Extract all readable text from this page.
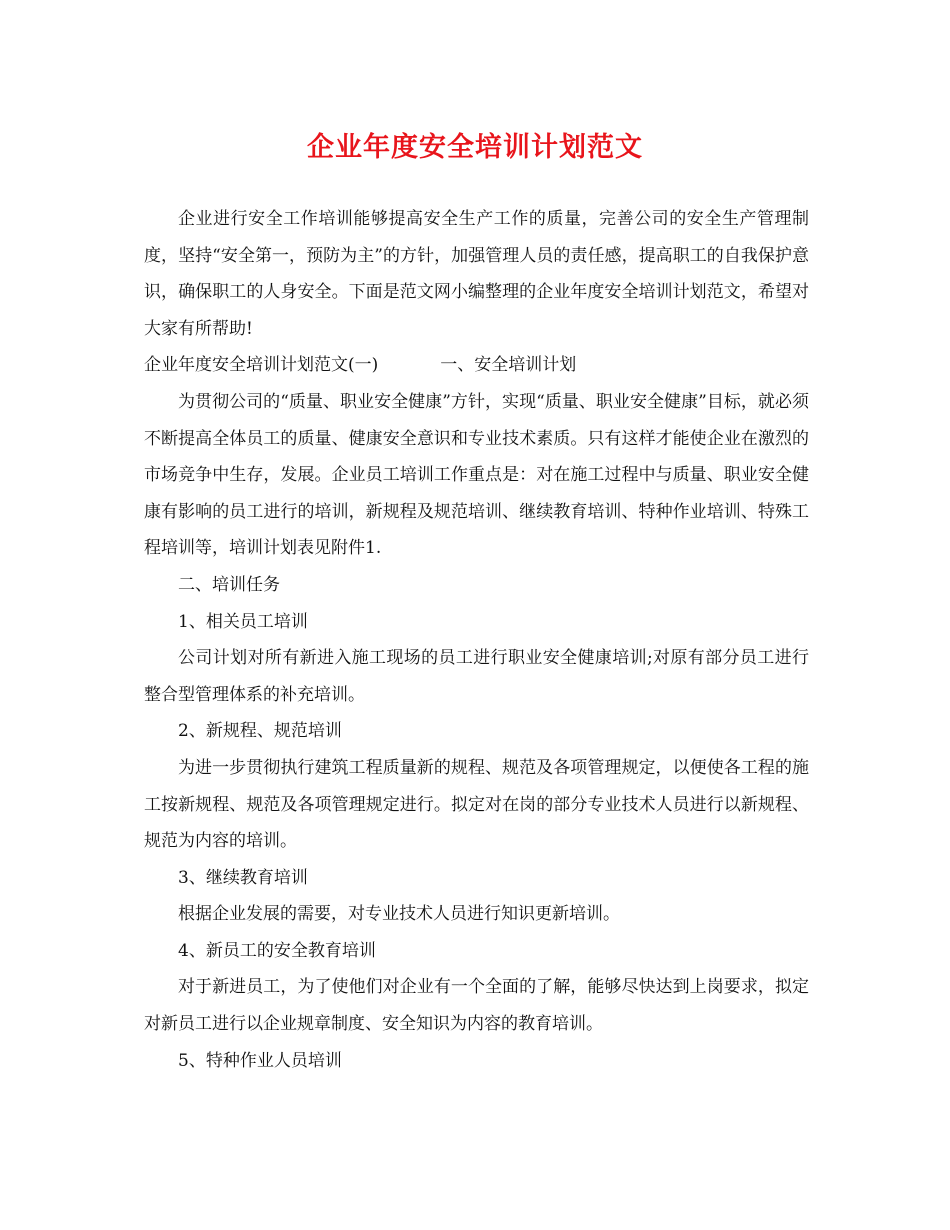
企业年度安全培训计划范文

企业进行安全工作培训能够提高安全生产工作的质量，完善公司的安全生产管理制度，坚持“安全第一，预防为主”的方针，加强管理人员的责任感，提高职工的自我保护意识，确保职工的人身安全。下面是范文网小编整理的企业年度安全培训计划范文，希望对大家有所帮助!

企业年度安全培训计划范文(一)	一、安全培训计划

为贯彻公司的“质量、职业安全健康”方针，实现“质量、职业安全健康”目标，就必须不断提高全体员工的质量、健康安全意识和专业技术素质。只有这样才能使企业在激烈的市场竞争中生存，发展。企业员工培训工作重点是：对在施工过程中与质量、职业安全健康有影响的员工进行的培训，新规程及规范培训、继续教育培训、特种作业培训、特殊工程培训等，培训计划表见附件1.

二、培训任务

1、相关员工培训

公司计划对所有新进入施工现场的员工进行职业安全健康培训;对原有部分员工进行整合型管理体系的补充培训。

2、新规程、规范培训

为进一步贯彻执行建筑工程质量新的规程、规范及各项管理规定，以便使各工程的施工按新规程、规范及各项管理规定进行。拟定对在岗的部分专业技术人员进行以新规程、规范为内容的培训。

3、继续教育培训

根据企业发展的需要，对专业技术人员进行知识更新培训。

4、新员工的安全教育培训

对于新进员工，为了使他们对企业有一个全面的了解，能够尽快达到上岗要求，拟定对新员工进行以企业规章制度、安全知识为内容的教育培训。

5、特种作业人员培训
